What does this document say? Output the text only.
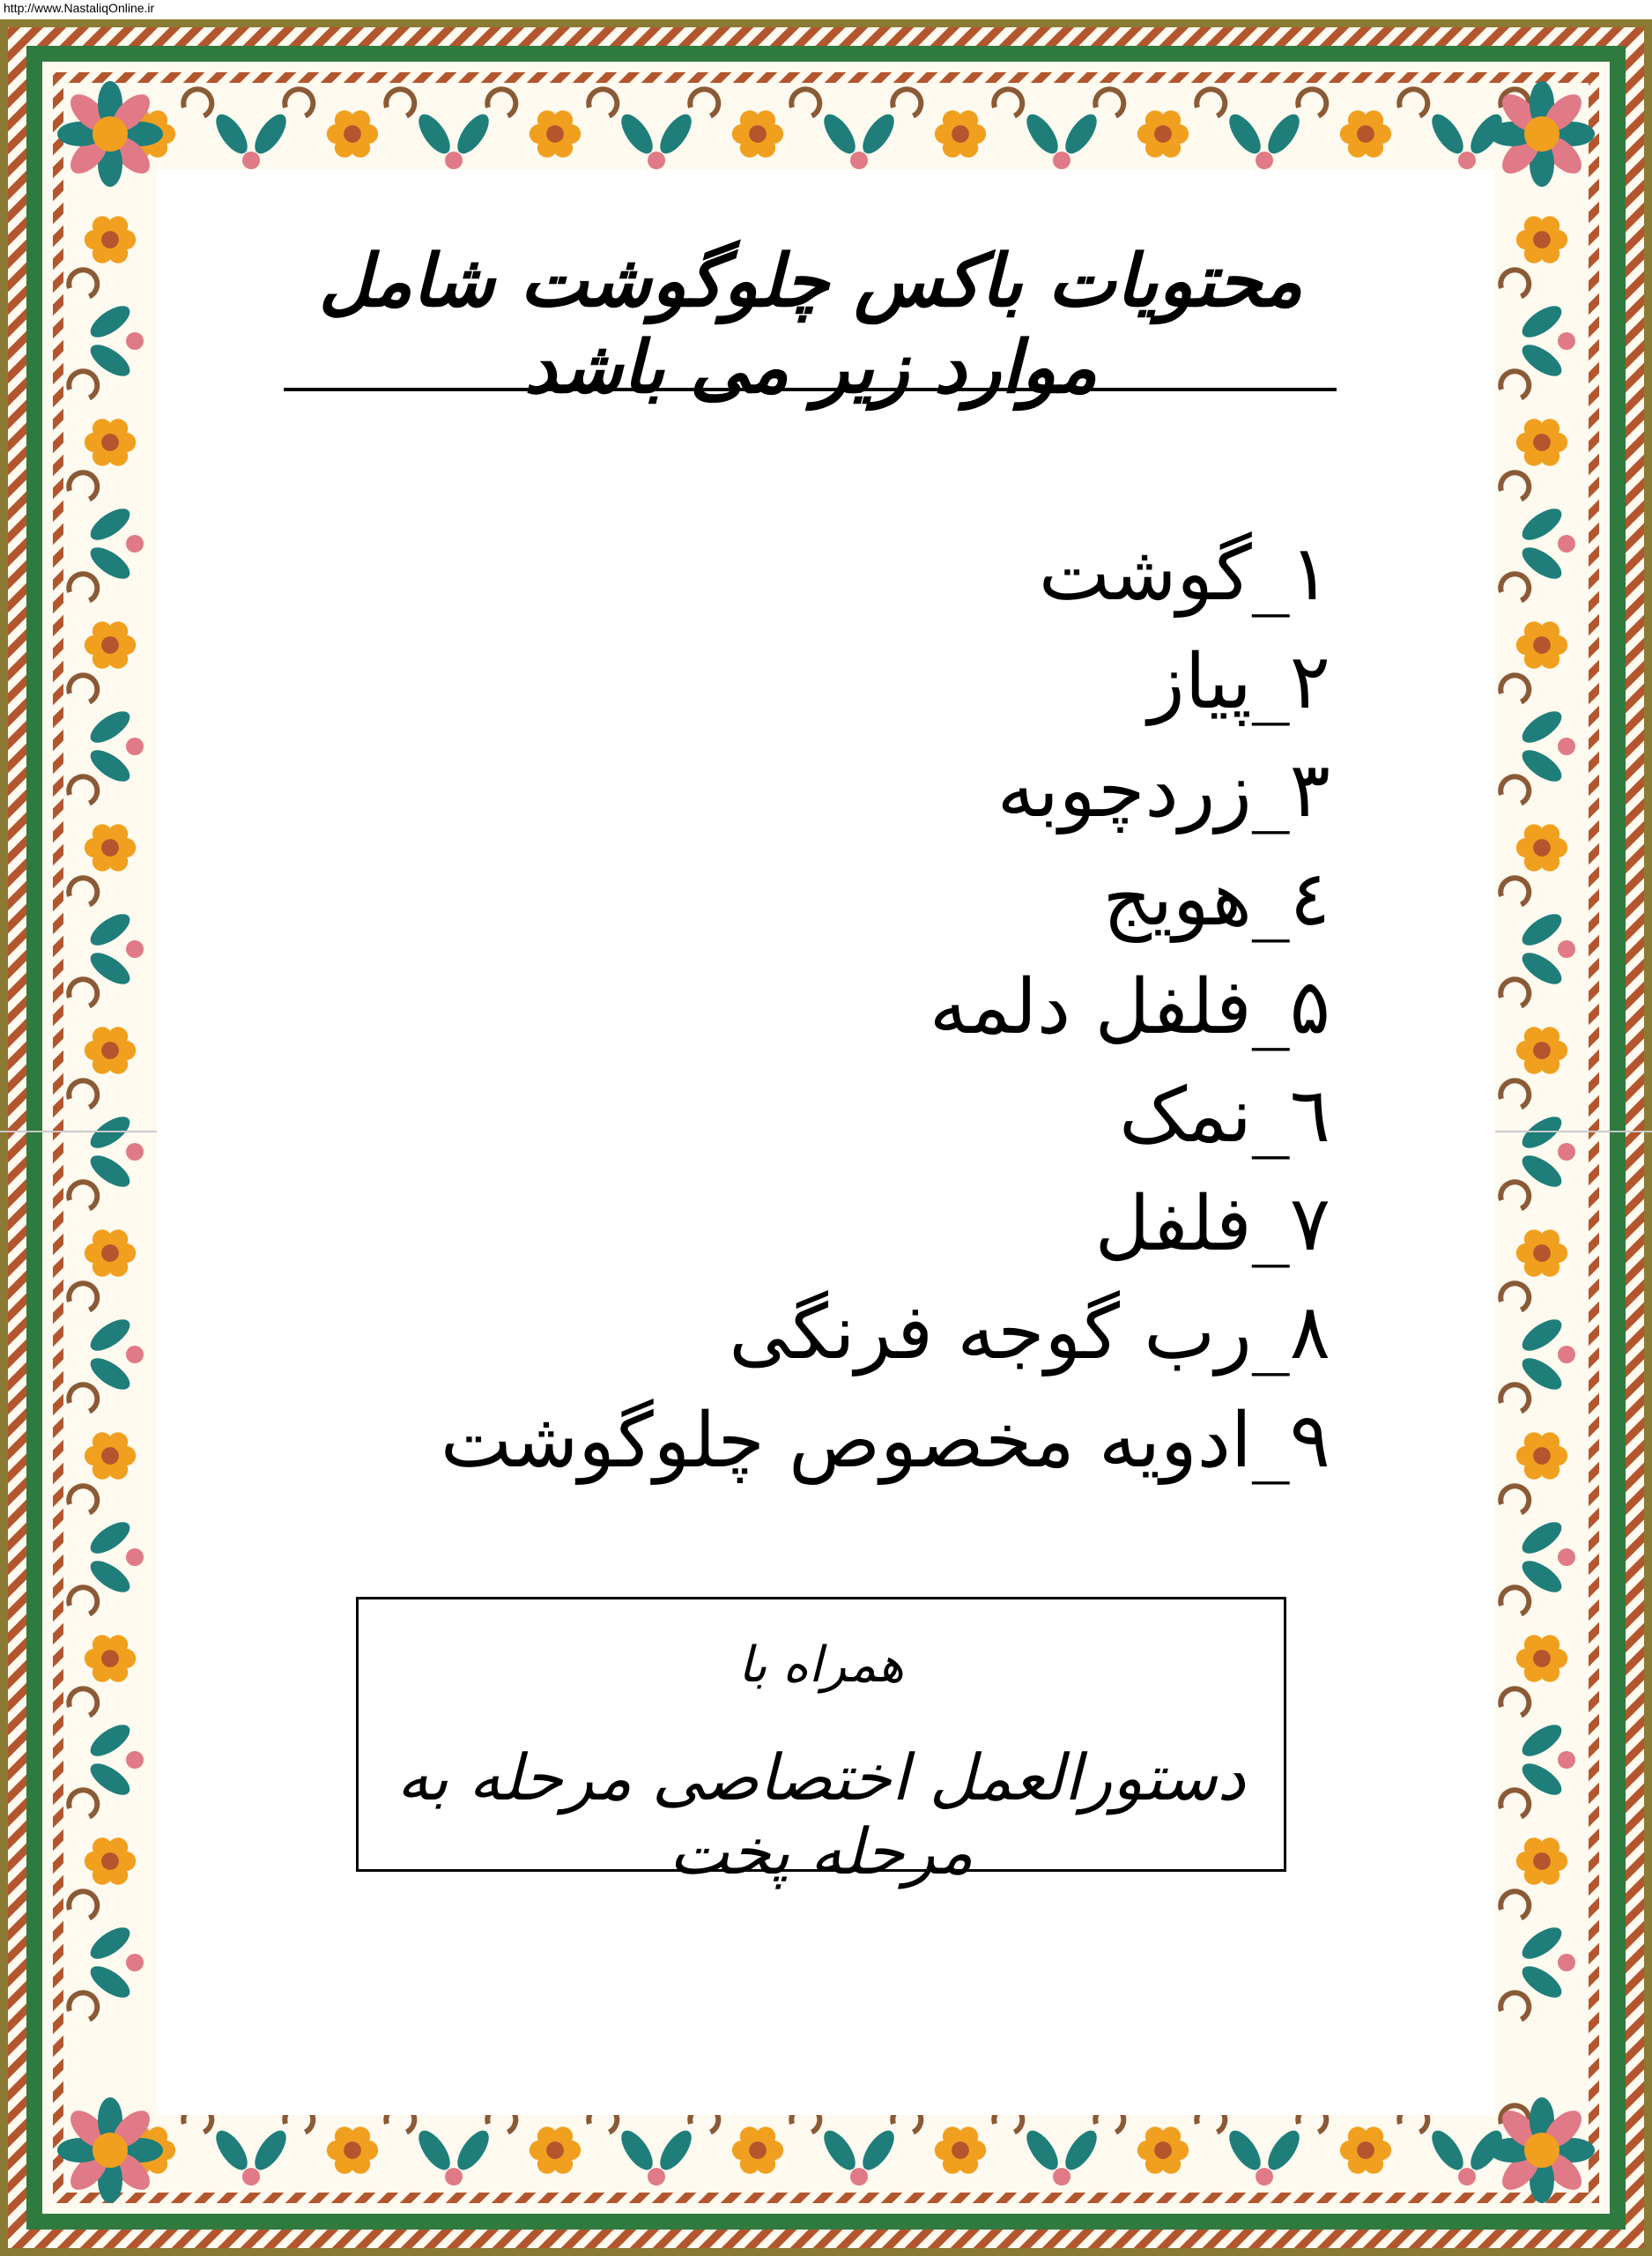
http://www.NastaliqOnline.ir
محتویات باکس چلوگوشت شامل موارد زیر می باشد
۱_گوشت
۲_پیاز
۳_زردچوبه
٤_هویج
۵_فلفل دلمه
٦_نمک
۷_فلفل
۸_رب گوجه فرنگی
۹_ادویه مخصوص چلوگوشت
همراه با
دستورالعمل اختصاصی مرحله به مرحله پخت
